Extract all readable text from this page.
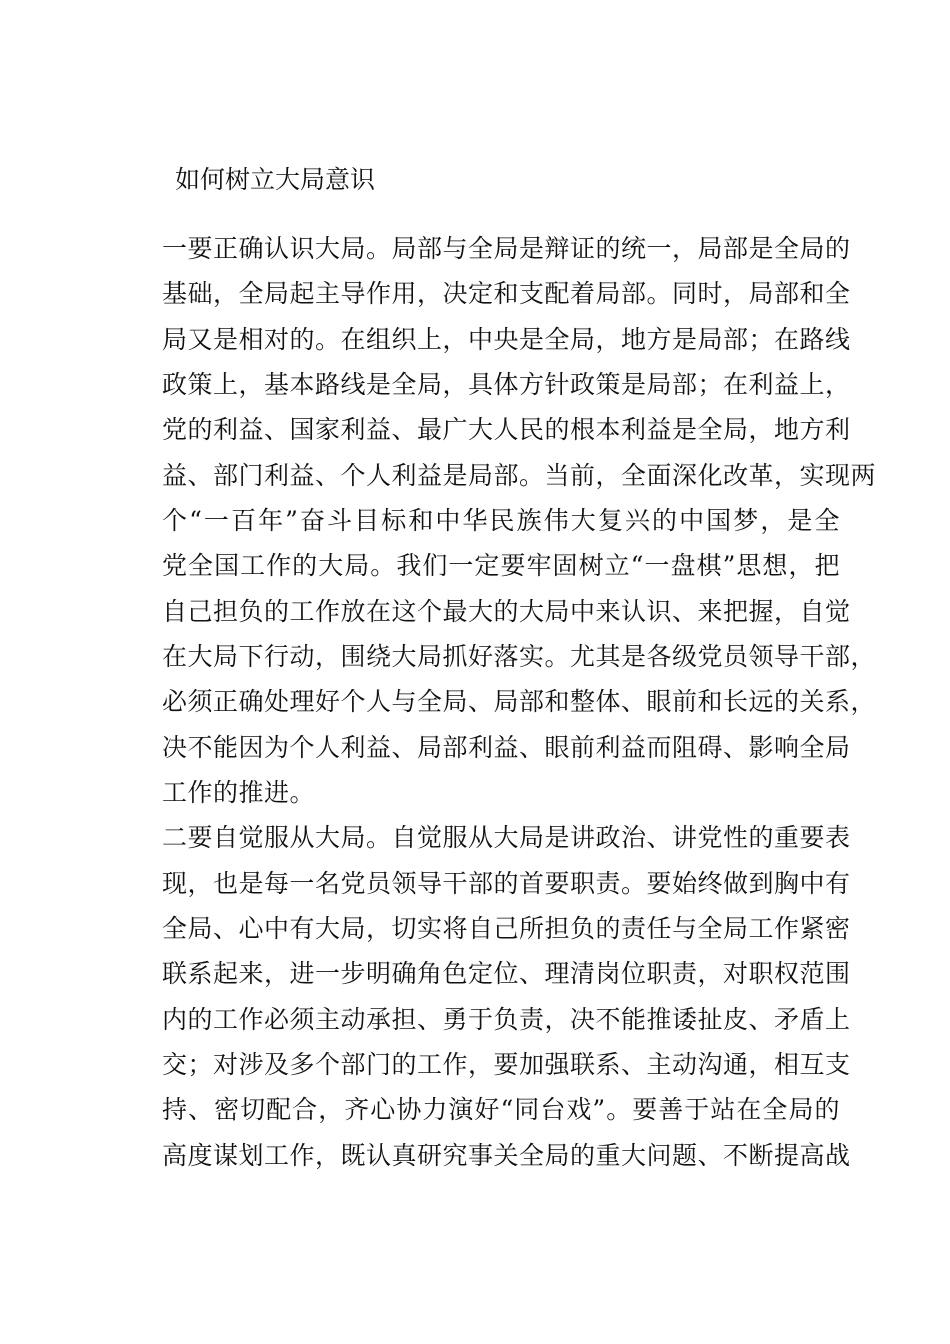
如何树立大局意识
一要正确认识大局。局部与全局是辩证的统一，局部是全局的
基础，全局起主导作用，决定和支配着局部。同时，局部和全
局又是相对的。在组织上，中央是全局，地方是局部；在路线
政策上，基本路线是全局，具体方针政策是局部；在利益上，
党的利益、国家利益、最广大人民的根本利益是全局，地方利
益、部门利益、个人利益是局部。当前，全面深化改革，实现两
个“一百年”奋斗目标和中华民族伟大复兴的中国梦，是全
党全国工作的大局。我们一定要牢固树立“一盘棋”思想，把
自己担负的工作放在这个最大的大局中来认识、来把握，自觉
在大局下行动，围绕大局抓好落实。尤其是各级党员领导干部，
必须正确处理好个人与全局、局部和整体、眼前和长远的关系，
决不能因为个人利益、局部利益、眼前利益而阻碍、影响全局
工作的推进。
二要自觉服从大局。自觉服从大局是讲政治、讲党性的重要表
现，也是每一名党员领导干部的首要职责。要始终做到胸中有
全局、心中有大局，切实将自己所担负的责任与全局工作紧密
联系起来，进一步明确角色定位、理清岗位职责，对职权范围
内的工作必须主动承担、勇于负责，决不能推诿扯皮、矛盾上
交；对涉及多个部门的工作，要加强联系、主动沟通，相互支
持、密切配合，齐心协力演好“同台戏”。要善于站在全局的
高度谋划工作，既认真研究事关全局的重大问题、不断提高战
